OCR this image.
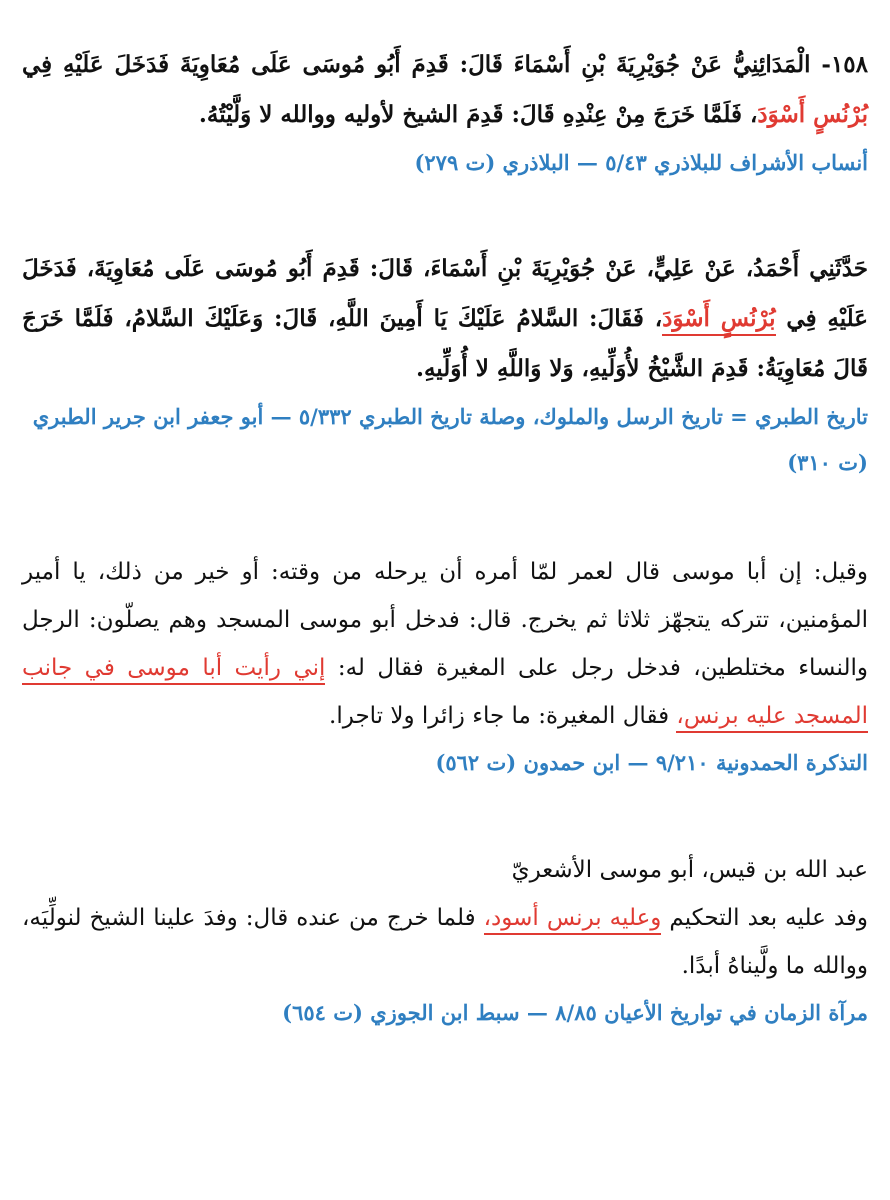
١٥٨- الْمَدَائِنِيُّ عَنْ جُوَيْرِيَةَ بْنِ أَسْمَاءَ قَالَ: قَدِمَ أَبُو مُوسَى عَلَى مُعَاوِيَةَ فَدَخَلَ عَلَيْهِ فِي بُرْنُسٍ أَسْوَدَ، فَلَمَّا خَرَجَ مِنْ عِنْدِهِ قَالَ: قَدِمَ الشيخ لأوليه ووالله لا وَلَّيْتُهُ.

أنساب الأشراف للبلاذري ٥/٤٣ — البلاذري (ت ٢٧٩)

حَدَّثَنِي أَحْمَدُ، عَنْ عَلِيٍّ، عَنْ جُوَيْرِيَةَ بْنِ أَسْمَاءَ، قَالَ: قَدِمَ أَبُو مُوسَى عَلَى مُعَاوِيَةَ، فَدَخَلَ عَلَيْهِ فِي بُرْنُسٍ أَسْوَدَ، فَقَالَ: السَّلامُ عَلَيْكَ يَا أَمِينَ اللَّهِ، قَالَ: وَعَلَيْكَ السَّلامُ، فَلَمَّا خَرَجَ قَالَ مُعَاوِيَةُ: قَدِمَ الشَّيْخُ لأُوَلِّيهِ، وَلا وَاللَّهِ لا أُوَلِّيهِ.

تاريخ الطبري = تاريخ الرسل والملوك، وصلة تاريخ الطبري ٥/٣٣٢ — أبو جعفر ابن جرير الطبري (ت ٣١٠)

وقيل: إن أبا موسى قال لعمر لمّا أمره أن يرحله من وقته: أو خير من ذلك، يا أمير المؤمنين، تتركه يتجهّز ثلاثا ثم يخرج. قال: فدخل أبو موسى المسجد وهم يصلّون: الرجل والنساء مختلطين، فدخل رجل على المغيرة فقال له: إني رأيت أبا موسى في جانب المسجد عليه برنس، فقال المغيرة: ما جاء زائرا ولا تاجرا.

التذكرة الحمدونية ٩/٢١٠ — ابن حمدون (ت ٥٦٢)

عبد الله بن قيس، أبو موسى الأشعريّ
وفد عليه بعد التحكيم وعليه برنس أسود، فلما خرج من عنده قال: وفدَ علينا الشيخ لنولِّيَه، ووالله ما ولَّيناهُ أبدًا.

مرآة الزمان في تواريخ الأعيان ٨/٨٥ — سبط ابن الجوزي (ت ٦٥٤)
